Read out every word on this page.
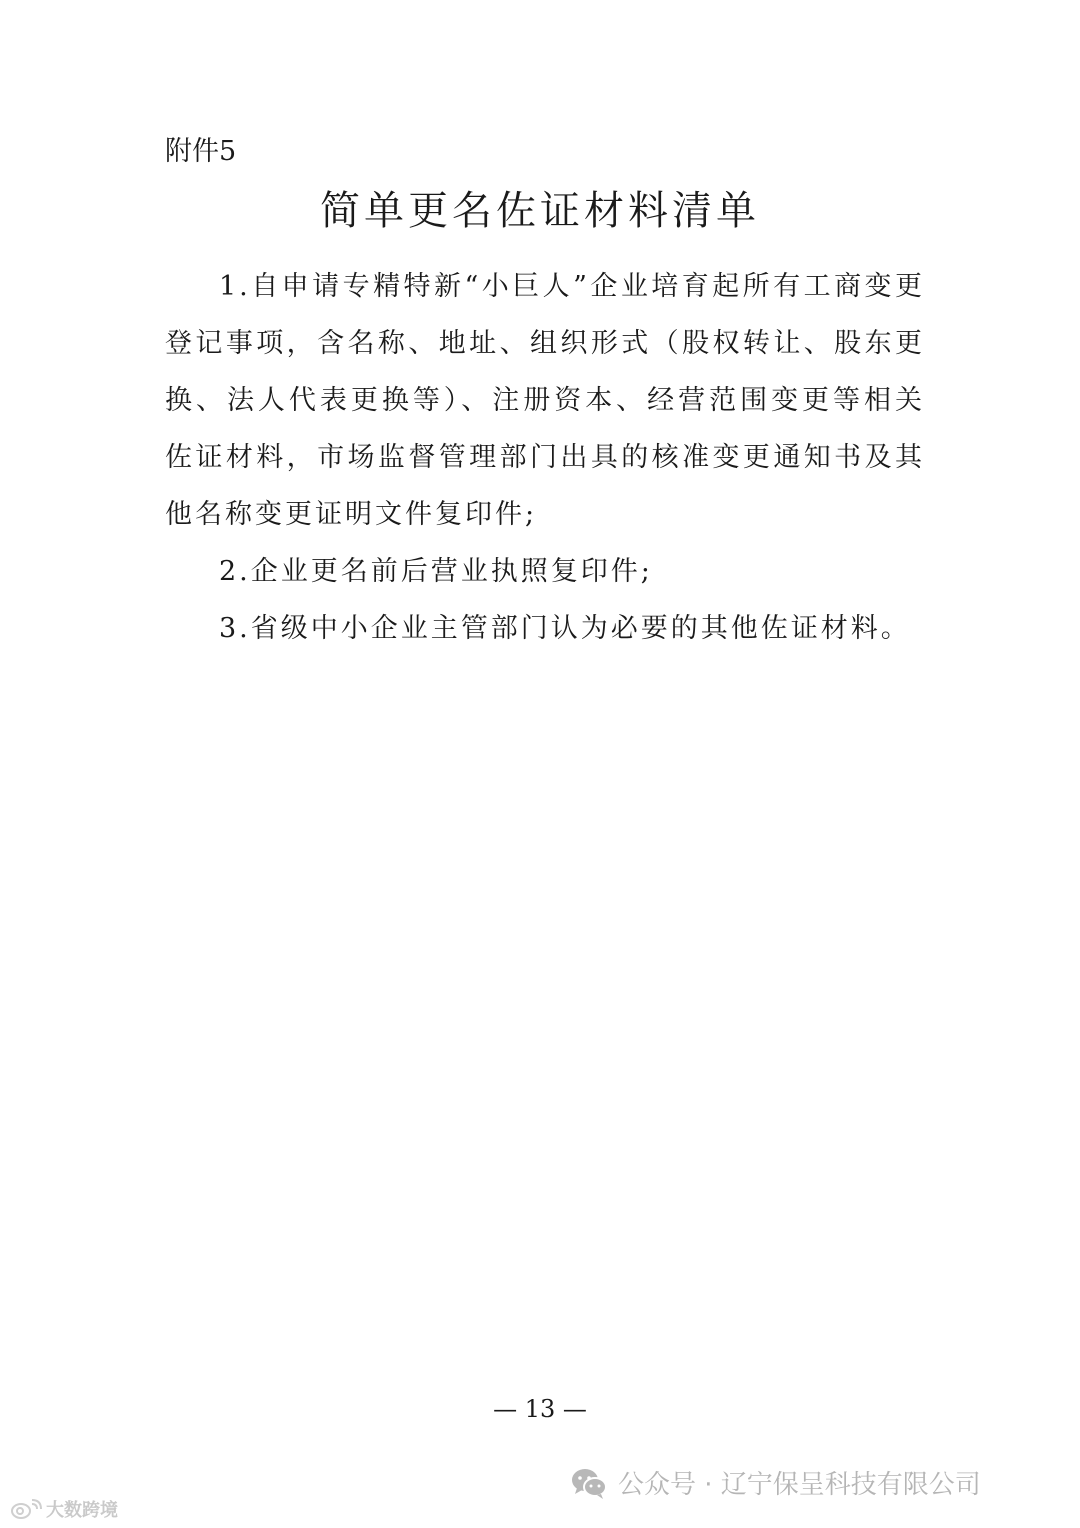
附件5
简单更名佐证材料清单

1.自申请专精特新“小巨人”企业培育起所有工商变更登记事项，含名称、地址、组织形式（股权转让、股东更换、法人代表更换等）、注册资本、经营范围变更等相关佐证材料，市场监督管理部门出具的核准变更通知书及其他名称变更证明文件复印件;

2.企业更名前后营业执照复印件;

3.省级中小企业主管部门认为必要的其他佐证材料。

— 13 —
大数跨境
公众号 · 辽宁保呈科技有限公司
